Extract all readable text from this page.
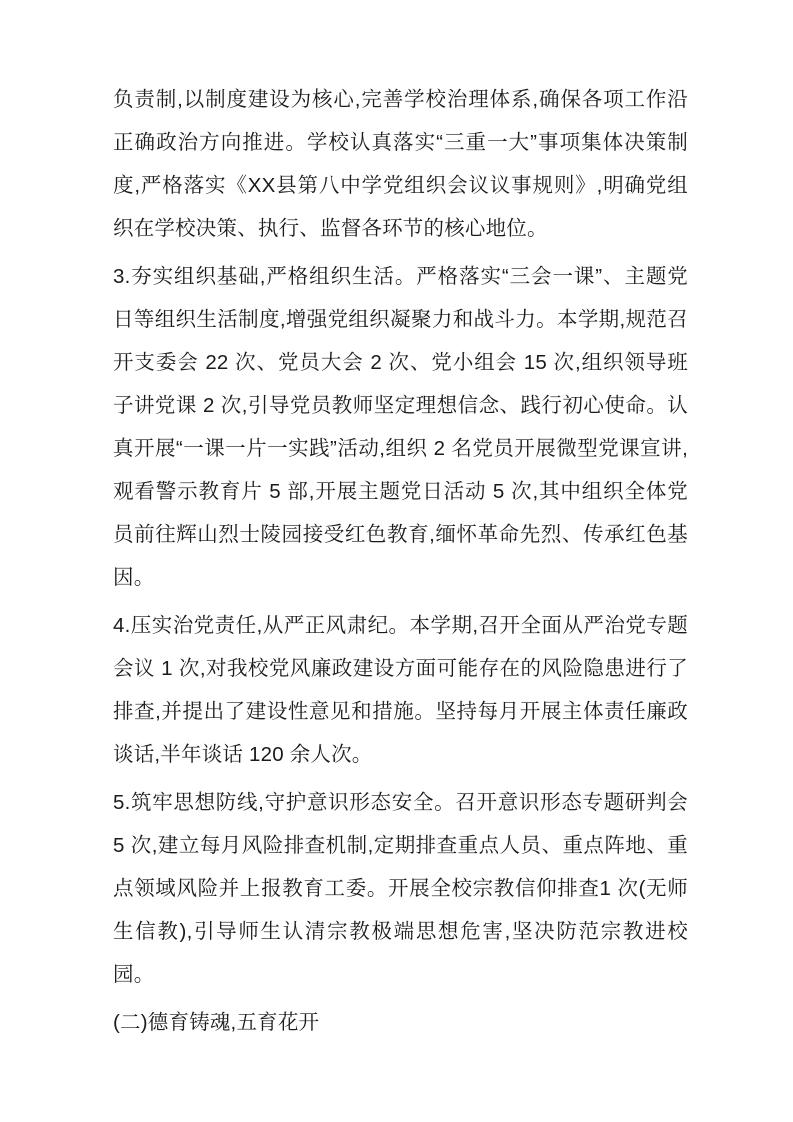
负责制,以制度建设为核心,完善学校治理体系,确保各项工作沿正确政治方向推进。学校认真落实“三重一大”事项集体决策制度,严格落实《XX县第八中学党组织会议议事规则》,明确党组织在学校决策、执行、监督各环节的核心地位。

3.夯实组织基础,严格组织生活。严格落实“三会一课”、主题党日等组织生活制度,增强党组织凝聚力和战斗力。本学期,规范召开支委会 22 次、党员大会 2 次、党小组会 15 次,组织领导班子讲党课 2 次,引导党员教师坚定理想信念、践行初心使命。认真开展“一课一片一实践”活动,组织 2 名党员开展微型党课宣讲,观看警示教育片 5 部,开展主题党日活动 5 次,其中组织全体党员前往辉山烈士陵园接受红色教育,缅怀革命先烈、传承红色基因。

4.压实治党责任,从严正风肃纪。本学期,召开全面从严治党专题会议 1 次,对我校党风廉政建设方面可能存在的风险隐患进行了排查,并提出了建设性意见和措施。坚持每月开展主体责任廉政谈话,半年谈话 120 余人次。

5.筑牢思想防线,守护意识形态安全。召开意识形态专题研判会 5 次,建立每月风险排查机制,定期排查重点人员、重点阵地、重点领域风险并上报教育工委。开展全校宗教信仰排查1 次(无师生信教),引导师生认清宗教极端思想危害,坚决防范宗教进校园。

(二)德育铸魂,五育花开
